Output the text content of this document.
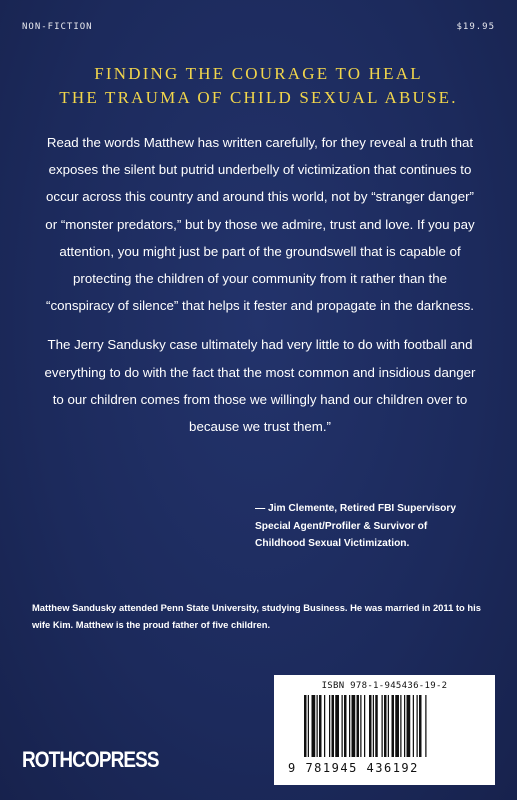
NON-FICTION	$19.95
FINDING THE COURAGE TO HEAL
THE TRAUMA OF CHILD SEXUAL ABUSE.

Read the words Matthew has written carefully, for they reveal a truth that exposes the silent but putrid underbelly of victimization that continues to occur across this country and around this world, not by “stranger danger” or “monster predators,” but by those we admire, trust and love. If you pay attention, you might just be part of the groundswell that is capable of protecting the children of your community from it rather than the “conspiracy of silence” that helps it fester and propagate in the darkness.

The Jerry Sandusky case ultimately had very little to do with football and everything to do with the fact that the most common and insidious danger to our children comes from those we willingly hand our children over to because we trust them.”

— Jim Clemente, Retired FBI Supervisory
Special Agent/Profiler & Survivor of
Childhood Sexual Victimization.
Matthew Sandusky attended Penn State University, studying Business. He was married in 2011 to his wife Kim. Matthew is the proud father of five children.
ISBN 978-1-945436-19-2
9 781945 436192
ROTHCOPRESS
